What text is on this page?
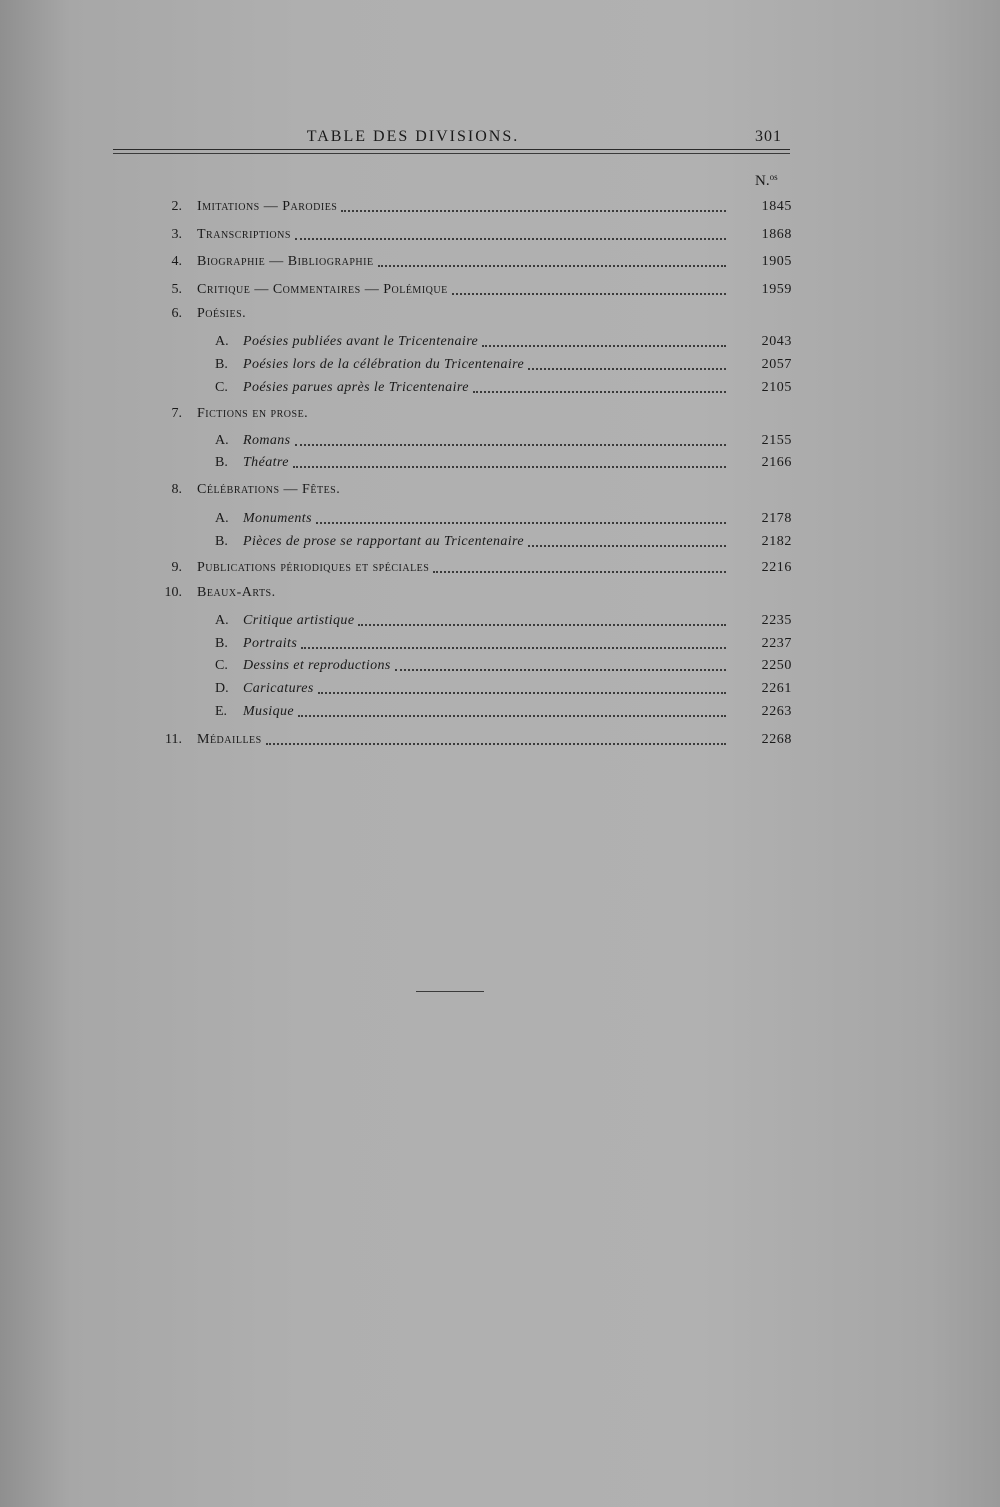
TABLE DES DIVISIONS.	301
N.$^{os}$
2. Imitations — Parodies	1845
3. Transcriptions	1868
4. Biographie — Bibliographie	1905
5. Critique — Commentaires — Polémique	1959
6. Poésies.
A.	Poésies publiées avant le Tricentenaire	2043
B.	Poésies lors de la célébration du Tricentenaire	2057
C.	Poésies parues après le Tricentenaire	2105
7. Fictions en prose.
A.	Romans	2155
B.	Théatre	2166
8. Célébrations — Fêtes.
A.	Monuments	2178
B.	Pièces de prose se rapportant au Tricentenaire	2182
9. Publications périodiques et spéciales	2216
10. Beaux-Arts.
A.	Critique artistique	2235
B.	Portraits	2237
C.	Dessins et reproductions	2250
D.	Caricatures	2261
E.	Musique	2263
11. Médailles	2268
